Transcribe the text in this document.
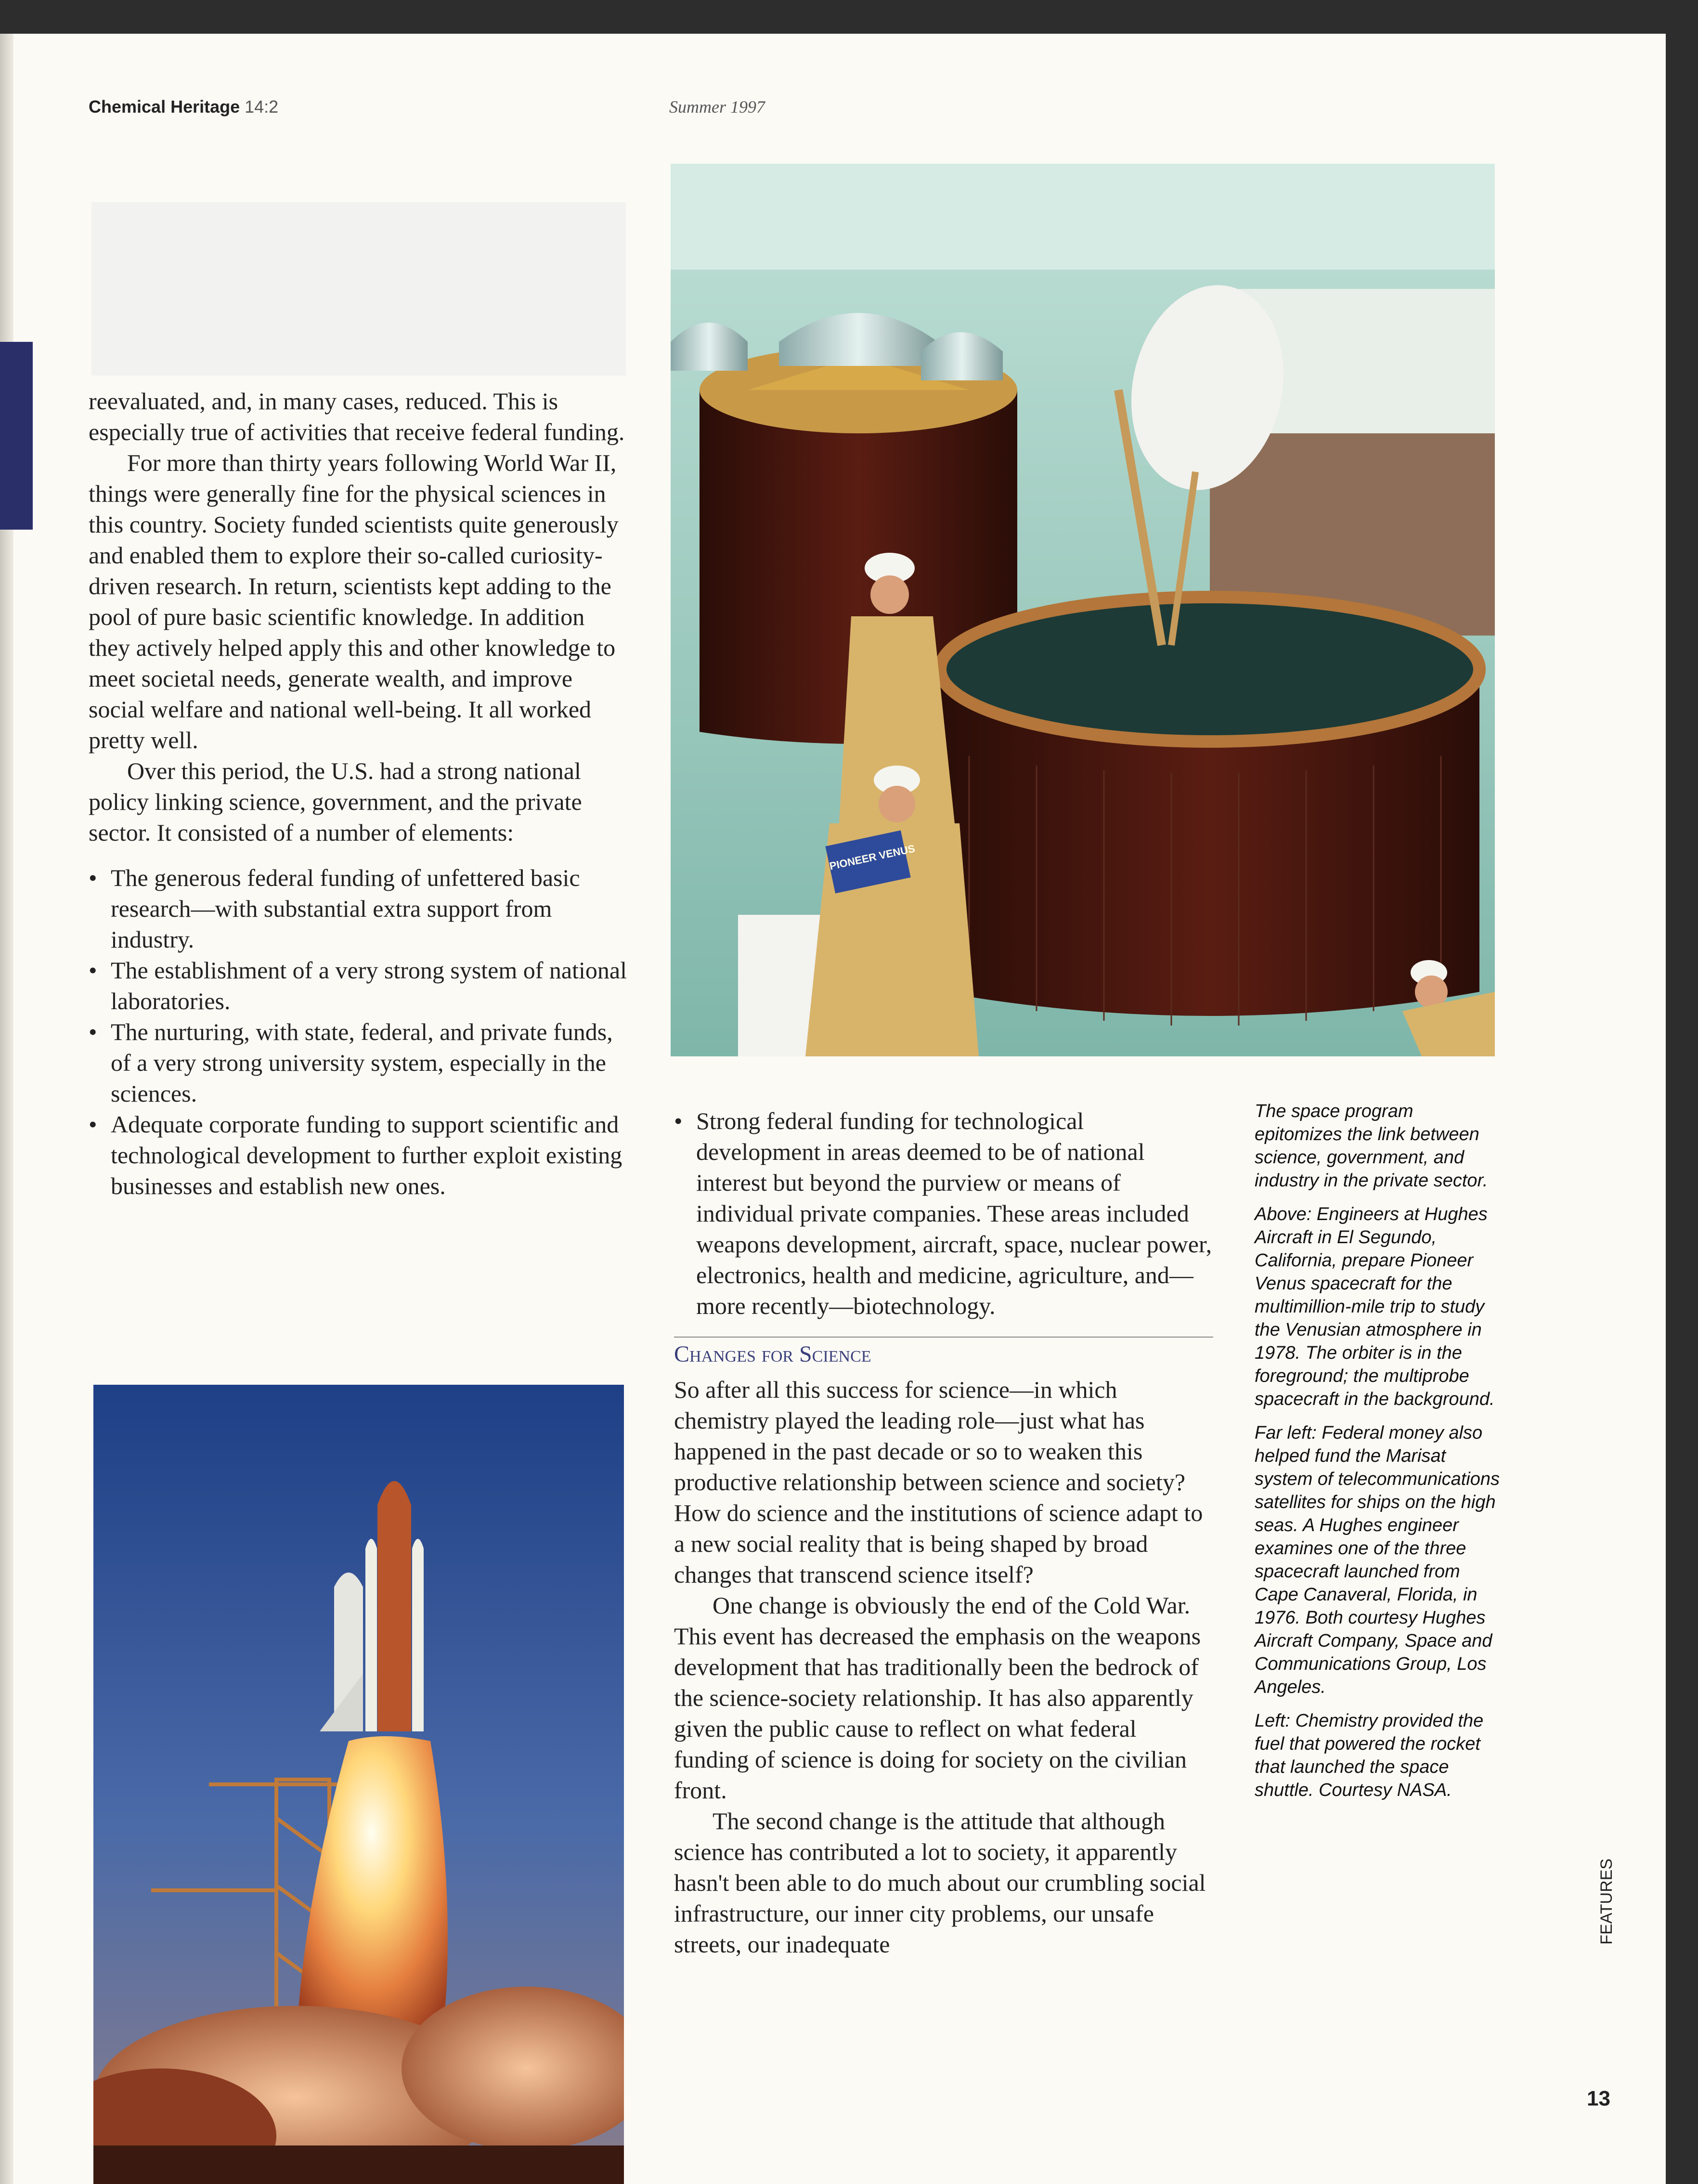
Chemical Heritage 14:2	Summer 1997

reevaluated, and, in many cases, reduced. This is especially true of activities that receive federal funding.

For more than thirty years following World War II, things were generally fine for the physical sciences in this country. Society funded scientists quite generously and enabled them to explore their so-called curiosity-driven research. In return, scientists kept adding to the pool of pure basic scientific knowledge. In addition they actively helped apply this and other knowledge to meet societal needs, generate wealth, and improve social welfare and national well-being. It all worked pretty well.

Over this period, the U.S. had a strong national policy linking science, government, and the private sector. It consisted of a number of elements:

• The generous federal funding of unfettered basic research—with substantial extra support from industry.

• The establishment of a very strong system of national laboratories.

• The nurturing, with state, federal, and private funds, of a very strong university system, especially in the sciences.

• Adequate corporate funding to support scientific and technological development to further exploit existing businesses and establish new ones.

PIONEER VENUS

• Strong federal funding for technological development in areas deemed to be of national interest but beyond the purview or means of individual private companies. These areas included weapons development, aircraft, space, nuclear power, electronics, health and medicine, agriculture, and—more recently—biotechnology.

Changes for Science

So after all this success for science—in which chemistry played the leading role—just what has happened in the past decade or so to weaken this productive relationship between science and society? How do science and the institutions of science adapt to a new social reality that is being shaped by broad changes that transcend science itself?

One change is obviously the end of the Cold War. This event has decreased the emphasis on the weapons development that has traditionally been the bedrock of the science-society relationship. It has also apparently given the public cause to reflect on what federal funding of science is doing for society on the civilian front.

The second change is the attitude that although science has contributed a lot to society, it apparently hasn't been able to do much about our crumbling social infrastructure, our inner city problems, our unsafe streets, our inadequate

The space program epitomizes the link between science, government, and industry in the private sector.

Above: Engineers at Hughes Aircraft in El Segundo, California, prepare Pioneer Venus spacecraft for the multimillion-mile trip to study the Venusian atmosphere in 1978. The orbiter is in the foreground; the multiprobe spacecraft in the background.

Far left: Federal money also helped fund the Marisat system of telecommunications satellites for ships on the high seas. A Hughes engineer examines one of the three spacecraft launched from Cape Canaveral, Florida, in 1976. Both courtesy Hughes Aircraft Company, Space and Communications Group, Los Angeles.

Left: Chemistry provided the fuel that powered the rocket that launched the space shuttle. Courtesy NASA.

FEATURES
13
